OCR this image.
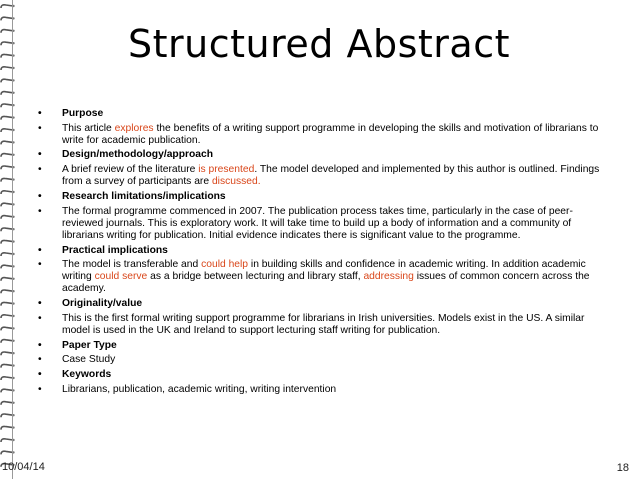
Structured Abstract
• Purpose
• This article explores the benefits of a writing support programme in developing the skills and motivation of librarians to write for academic publication.
• Design/methodology/approach
• A brief review of the literature is presented. The model developed and implemented by this author is outlined. Findings from a survey of participants are discussed.
• Research limitations/implications
• The formal programme commenced in 2007. The publication process takes time, particularly in the case of peer-reviewed journals. This is exploratory work. It will take time to build up a body of information and a community of librarians writing for publication. Initial evidence indicates there is significant value to the programme.
• Practical implications
• The model is transferable and could help in building skills and confidence in academic writing. In addition academic writing could serve as a bridge between lecturing and library staff, addressing issues of common concern across the academy.
• Originality/value
• This is the first formal writing support programme for librarians in Irish universities. Models exist in the US. A similar model is used in the UK and Ireland to support lecturing staff writing for publication.
• Paper Type
• Case Study
• Keywords
• Librarians, publication, academic writing, writing intervention
10/04/14	18
